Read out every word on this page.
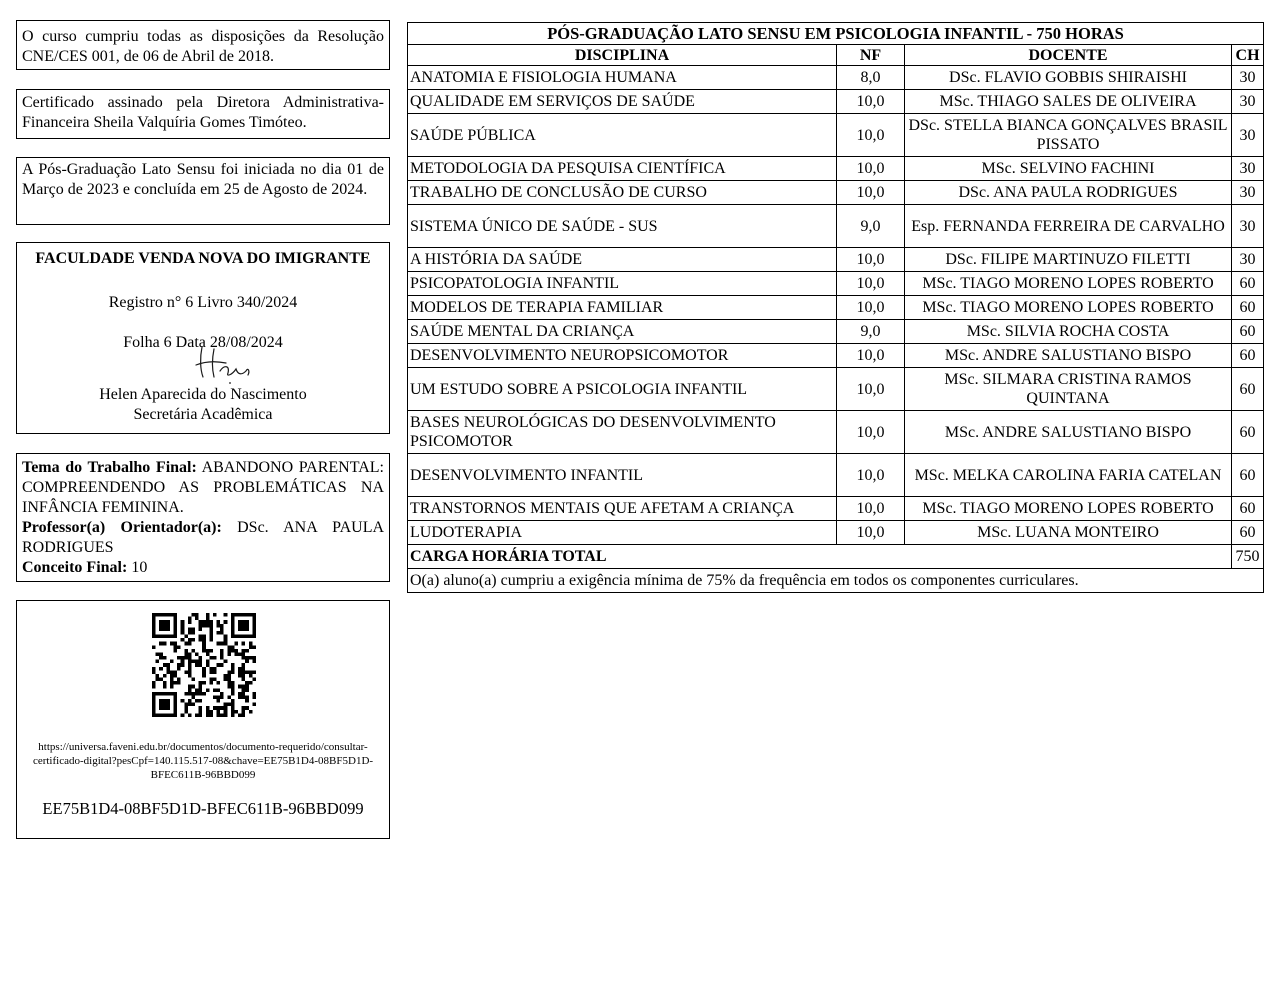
O curso cumpriu todas as disposições da Resolução CNE/CES 001, de 06 de Abril de 2018.

Certificado assinado pela Diretora Administrativa-Financeira Sheila Valquíria Gomes Timóteo.

A Pós-Graduação Lato Sensu foi iniciada no dia 01 de Março de 2023 e concluída em 25 de Agosto de 2024.

FACULDADE VENDA NOVA DO IMIGRANTE

Registro n° 6 Livro 340/2024

Folha 6 Data 28/08/2024

Helen Aparecida do Nascimento

Secretária Acadêmica

Tema do Trabalho Final: ABANDONO PARENTAL: COMPREENDENDO AS PROBLEMÁTICAS NA INFÂNCIA FEMININA.

Professor(a) Orientador(a): DSc. ANA PAULA RODRIGUES

Conceito Final: 10

https://universa.faveni.edu.br/documentos/documento-requerido/consultar-certificado-digital?pesCpf=140.115.517-08&chave=EE75B1D4-08BF5D1D-BFEC611B-96BBD099

EE75B1D4-08BF5D1D-BFEC611B-96BBD099

PÓS-GRADUAÇÃO LATO SENSU EM PSICOLOGIA INFANTIL - 750 HORAS			
DISCIPLINA	NF	DOCENTE	CH
ANATOMIA E FISIOLOGIA HUMANA	8,0	DSc. FLAVIO GOBBIS SHIRAISHI	30
QUALIDADE EM SERVIÇOS DE SAÚDE	10,0	MSc. THIAGO SALES DE OLIVEIRA	30
SAÚDE PÚBLICA	10,0	DSc. STELLA BIANCA GONÇALVES BRASIL PISSATO	30
METODOLOGIA DA PESQUISA CIENTÍFICA	10,0	MSc. SELVINO FACHINI	30
TRABALHO DE CONCLUSÃO DE CURSO	10,0	DSc. ANA PAULA RODRIGUES	30
SISTEMA ÚNICO DE SAÚDE - SUS	9,0	Esp. FERNANDA FERREIRA DE CARVALHO	30
A HISTÓRIA DA SAÚDE	10,0	DSc. FILIPE MARTINUZO FILETTI	30
PSICOPATOLOGIA INFANTIL	10,0	MSc. TIAGO MORENO LOPES ROBERTO	60
MODELOS DE TERAPIA FAMILIAR	10,0	MSc. TIAGO MORENO LOPES ROBERTO	60
SAÚDE MENTAL DA CRIANÇA	9,0	MSc. SILVIA ROCHA COSTA	60
DESENVOLVIMENTO NEUROPSICOMOTOR	10,0	MSc. ANDRE SALUSTIANO BISPO	60
UM ESTUDO SOBRE A PSICOLOGIA INFANTIL	10,0	MSc. SILMARA CRISTINA RAMOS QUINTANA	60
BASES NEUROLÓGICAS DO DESENVOLVIMENTO PSICOMOTOR	10,0	MSc. ANDRE SALUSTIANO BISPO	60
DESENVOLVIMENTO INFANTIL	10,0	MSc. MELKA CAROLINA FARIA CATELAN	60
TRANSTORNOS MENTAIS QUE AFETAM A CRIANÇA	10,0	MSc. TIAGO MORENO LOPES ROBERTO	60
LUDOTERAPIA	10,0	MSc. LUANA MONTEIRO	60
CARGA HORÁRIA TOTAL			750
O(a) aluno(a) cumpriu a exigência mínima de 75% da frequência em todos os componentes curriculares.			
